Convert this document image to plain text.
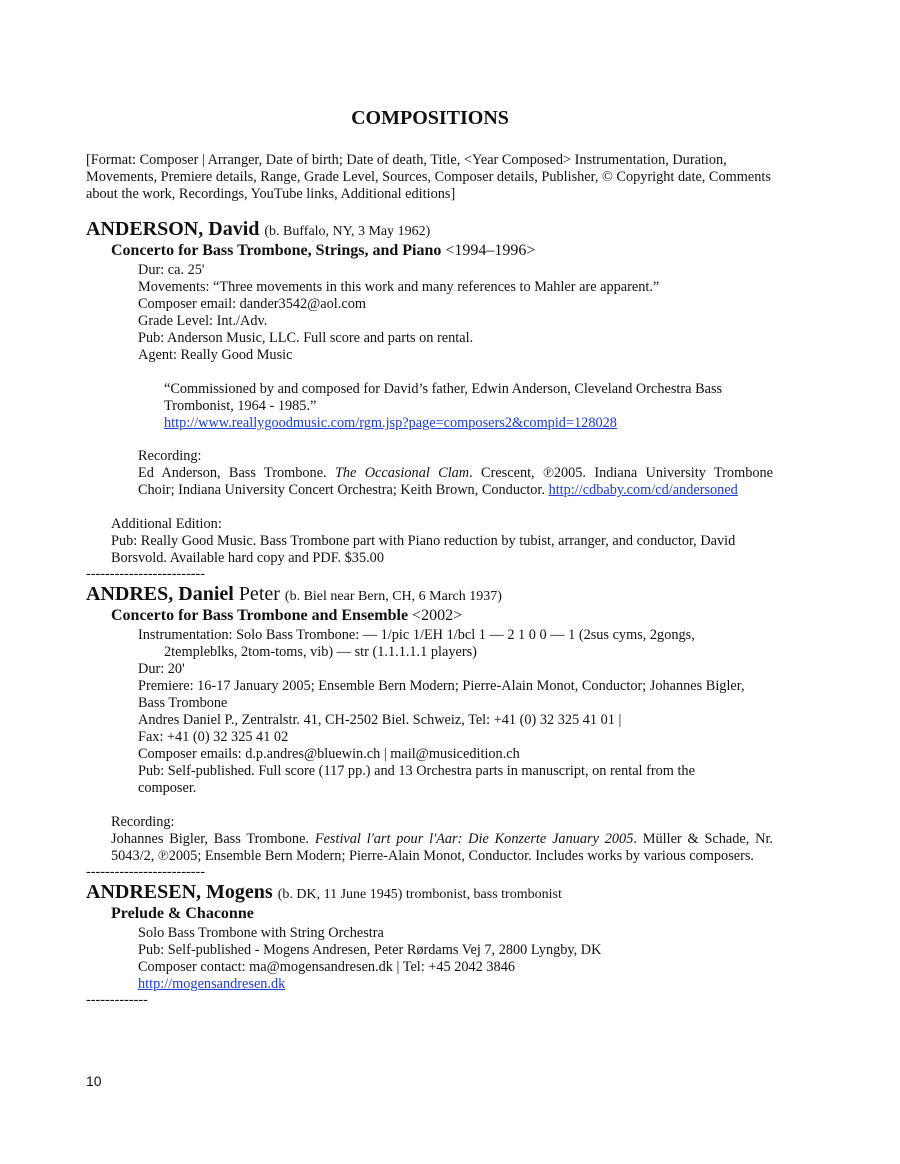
COMPOSITIONS
[Format: Composer | Arranger, Date of birth; Date of death, Title, <Year Composed> Instrumentation, Duration, Movements, Premiere details, Range, Grade Level, Sources, Composer details, Publisher, © Copyright date, Comments about the work, Recordings, YouTube links, Additional editions]
ANDERSON, David (b. Buffalo, NY, 3 May 1962)
Concerto for Bass Trombone, Strings, and Piano <1994–1996>
Dur: ca. 25'
Movements: “Three movements in this work and many references to Mahler are apparent.”
Composer email: dander3542@aol.com
Grade Level: Int./Adv.
Pub: Anderson Music, LLC. Full score and parts on rental.
Agent: Really Good Music
“Commissioned by and composed for David’s father, Edwin Anderson, Cleveland Orchestra Bass
Trombonist, 1964 - 1985.”
http://www.reallygoodmusic.com/rgm.jsp?page=composers2&compid=128028
Recording:
Ed Anderson, Bass Trombone. The Occasional Clam. Crescent, ℗2005. Indiana University Trombone
Choir; Indiana University Concert Orchestra; Keith Brown, Conductor. http://cdbaby.com/cd/andersoned
Additional Edition:
Pub: Really Good Music. Bass Trombone part with Piano reduction by tubist, arranger, and conductor, David
Borsvold. Available hard copy and PDF. $35.00
-------------------------
ANDRES, Daniel Peter (b. Biel near Bern, CH, 6 March 1937)
Concerto for Bass Trombone and Ensemble <2002>
Instrumentation: Solo Bass Trombone: — 1/pic 1/EH 1/bcl 1 — 2 1 0 0 — 1 (2sus cyms, 2gongs,
2templeblks, 2tom-toms, vib) — str (1.1.1.1.1 players)
Dur: 20'
Premiere: 16-17 January 2005; Ensemble Bern Modern; Pierre-Alain Monot, Conductor; Johannes Bigler,
Bass Trombone
Andres Daniel P., Zentralstr. 41, CH-2502 Biel. Schweiz, Tel: +41 (0) 32 325 41 01 |
Fax: +41 (0) 32 325 41 02
Composer emails: d.p.andres@bluewin.ch | mail@musicedition.ch
Pub: Self-published. Full score (117 pp.) and 13 Orchestra parts in manuscript, on rental from the
composer.
Recording:
Johannes Bigler, Bass Trombone. Festival l'art pour l'Aar: Die Konzerte January 2005. Müller & Schade, Nr.
5043/2, ℗2005; Ensemble Bern Modern; Pierre-Alain Monot, Conductor. Includes works by various composers.
-------------------------
ANDRESEN, Mogens (b. DK, 11 June 1945) trombonist, bass trombonist
Prelude & Chaconne
Solo Bass Trombone with String Orchestra
Pub: Self-published - Mogens Andresen, Peter Rørdams Vej 7, 2800 Lyngby, DK
Composer contact: ma@mogensandresen.dk | Tel: +45 2042 3846
http://mogensandresen.dk
-------------
10
